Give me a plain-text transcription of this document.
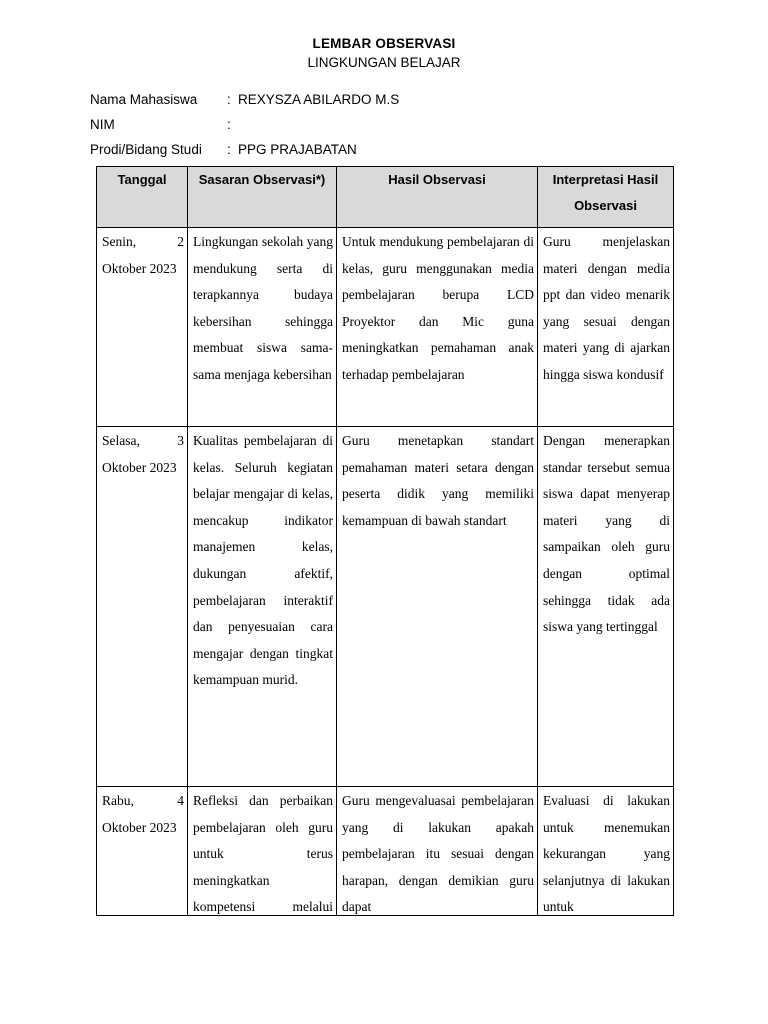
LEMBAR OBSERVASI
LINGKUNGAN BELAJAR
Nama Mahasiswa : REXYSZA ABILARDO M.S
NIM	:
Prodi/Bidang Studi : PPG PRAJABATAN
Tanggal	Sasaran Observasi*)	Hasil Observasi	Interpretasi Hasil Observasi
Senin, 2 Oktober 2023	Lingkungan sekolah yang mendukung serta di terapkannya budaya kebersihan sehingga membuat siswa sama-sama menjaga kebersihan	Untuk mendukung pembelajaran di kelas, guru menggunakan media pembelajaran berupa LCD Proyektor dan Mic guna meningkatkan pemahaman anak terhadap pembelajaran	Guru menjelaskan materi dengan media ppt dan video menarik yang sesuai dengan materi yang di ajarkan hingga siswa kondusif
Selasa, 3 Oktober 2023	Kualitas pembelajaran di kelas. Seluruh kegiatan belajar mengajar di kelas, mencakup indikator manajemen kelas, dukungan afektif, pembelajaran interaktif dan penyesuaian cara mengajar dengan tingkat kemampuan murid.	Guru menetapkan standart pemahaman materi setara dengan peserta didik yang memiliki kemampuan di bawah standart	Dengan menerapkan standar tersebut semua siswa dapat menyerap materi yang di sampaikan oleh guru dengan optimal sehingga tidak ada siswa yang tertinggal

Rabu, 4 Oktober 2023	Refleksi dan perbaikan pembelajaran oleh guru untuk terus meningkatkan kompetensi melalui	Guru mengevaluasai pembelajaran yang di lakukan apakah pembelajaran itu sesuai dengan harapan, dengan demikian guru dapat	Evaluasi di lakukan untuk menemukan kekurangan yang selanjutnya di lakukan untuk
